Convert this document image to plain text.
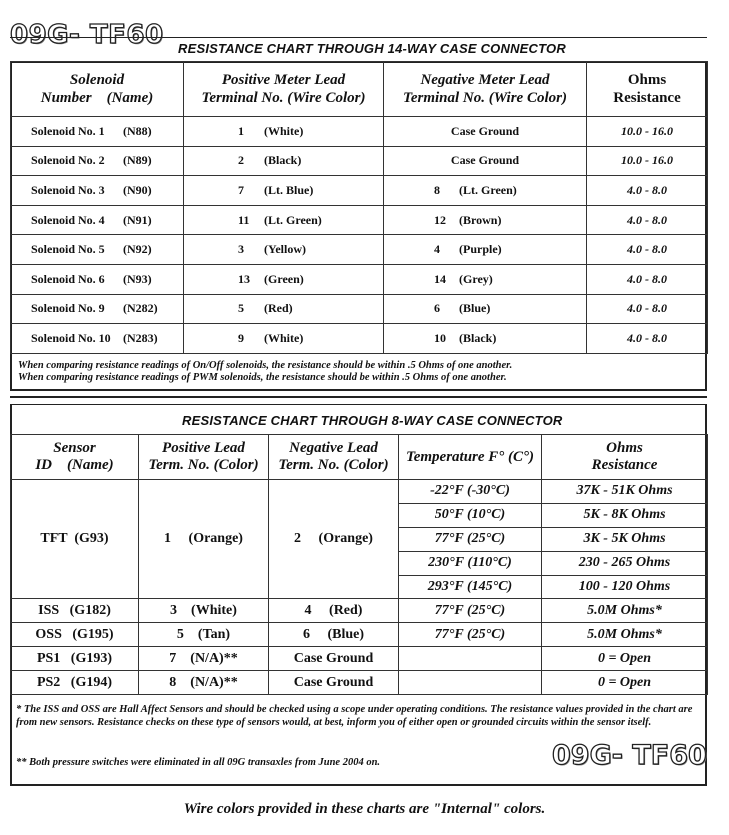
09G- TF60 RESISTANCE CHART THROUGH 14-WAY CASE CONNECTOR
Solenoid
Number    (Name)	Positive Meter Lead
Terminal No. (Wire Color)	Negative Meter Lead
Terminal No. (Wire Color)	Ohms
Resistance
Solenoid No. 1 (N88)	1 (White)	Case Ground	10.0 - 16.0
Solenoid No. 2 (N89)	2 (Black)	Case Ground	10.0 - 16.0
Solenoid No. 3 (N90)	7 (Lt. Blue)	8 (Lt. Green)	4.0 - 8.0
Solenoid No. 4 (N91)	11 (Lt. Green)	12 (Brown)	4.0 - 8.0
Solenoid No. 5 (N92)	3 (Yellow)	4 (Purple)	4.0 - 8.0
Solenoid No. 6 (N93)	13 (Green)	14 (Grey)	4.0 - 8.0
Solenoid No. 9 (N282)	5 (Red)	6 (Blue)	4.0 - 8.0
Solenoid No. 10 (N283)	9 (White)	10 (Black)	4.0 - 8.0
When comparing resistance readings of On/Off solenoids, the resistance should be within .5 Ohms of one another.
When comparing resistance readings of PWM solenoids, the resistance should be within .5 Ohms of one another.
RESISTANCE CHART THROUGH 8-WAY CASE CONNECTOR
Sensor
ID    (Name)	Positive Lead
Term. No. (Color)	Negative Lead
Term. No. (Color)	Temperature F° (C°)	Ohms
Resistance
TFT  (G93)	1     (Orange)	2     (Orange)	-22°F (-30°C)	37K - 51K Ohms
			50°F (10°C)	5K - 8K Ohms
			77°F (25°C)	3K - 5K Ohms
			230°F (110°C)	230 - 265 Ohms
			293°F (145°C)	100 - 120 Ohms
ISS   (G182)	3    (White)	4     (Red)	77°F (25°C)	5.0M Ohms*
OSS   (G195)	5    (Tan)	6     (Blue)	77°F (25°C)	5.0M Ohms*
PS1   (G193)	7    (N/A)**	Case Ground		0 = Open
PS2   (G194)	8    (N/A)**	Case Ground		0 = Open
* The ISS and OSS are Hall Affect Sensors and should be checked using a scope under operating conditions. The resistance values provided in the chart are from new sensors. Resistance checks on these type of sensors would, at best, inform you of either open or grounded circuits within the sensor itself.
** Both pressure switches were eliminated in all 09G transaxles from June 2004 on.	09G- TF60
Wire colors provided in these charts are "Internal" colors.
